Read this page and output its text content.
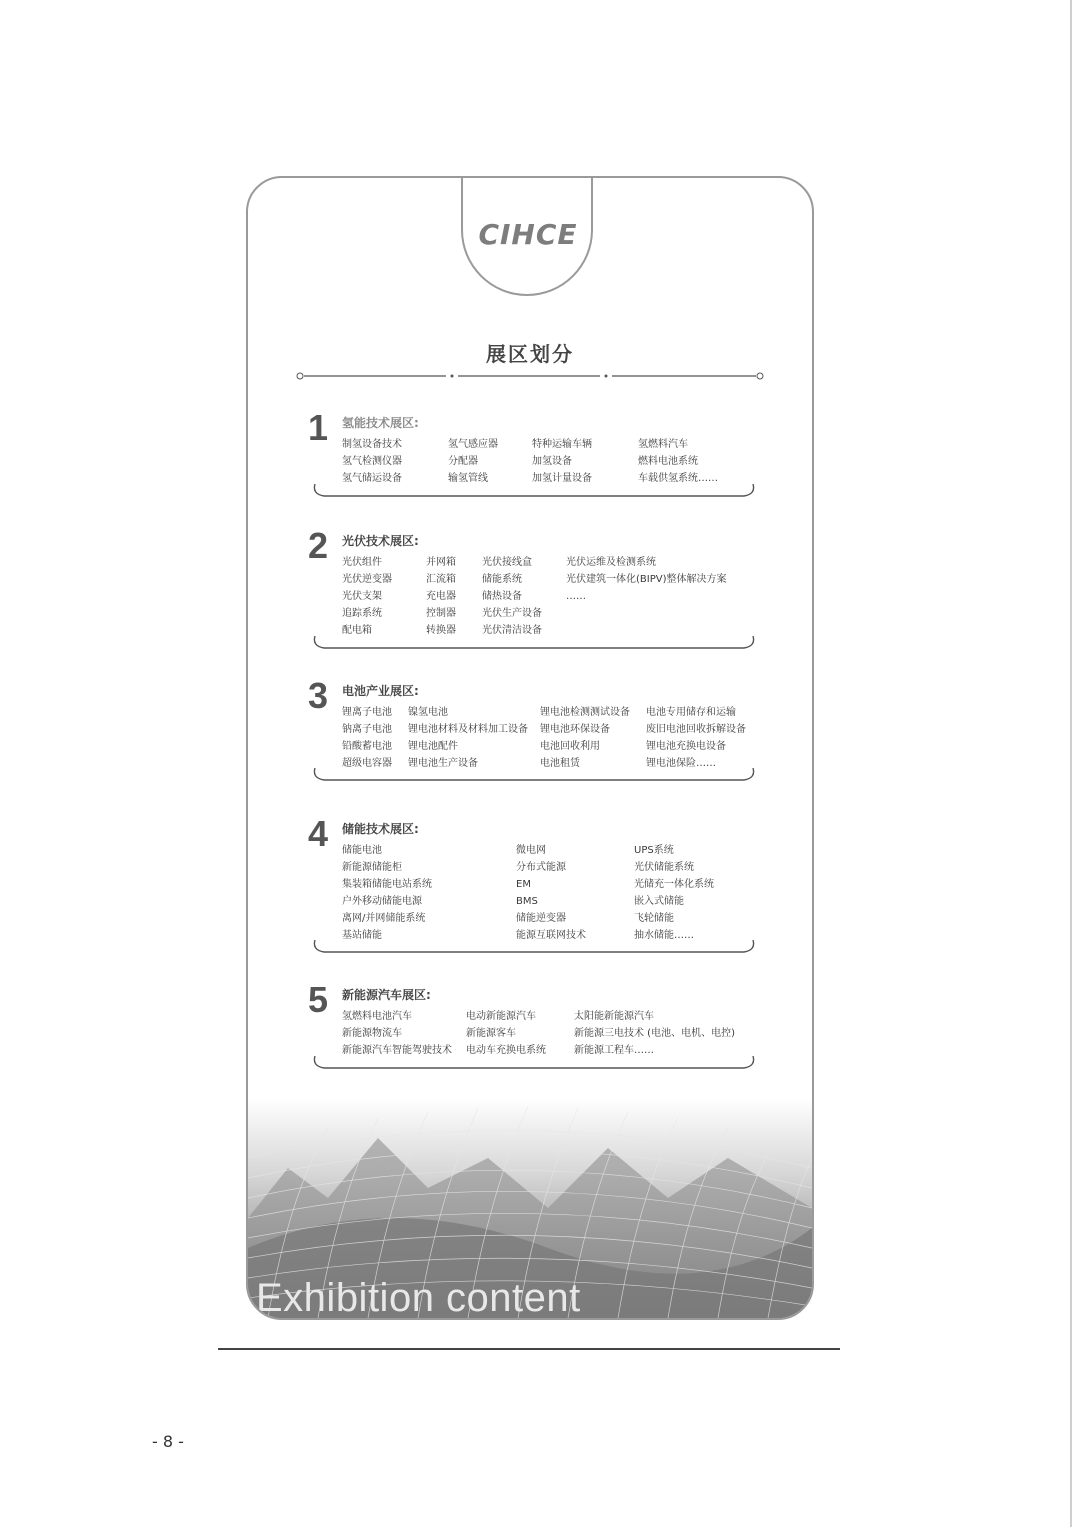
CIHCE
展区划分
1 氢能技术展区:
制氢设备技术
氢气检测仪器
氢气储运设备
氢气感应器
分配器
输氢管线
特种运输车辆
加氢设备
加氢计量设备
氢燃料汽车
燃料电池系统
车载供氢系统……
2 光伏技术展区:
光伏组件
光伏逆变器
光伏支架
追踪系统
配电箱
并网箱
汇流箱
充电器
控制器
转换器
光伏接线盒
储能系统
储热设备
光伏生产设备
光伏清洁设备
光伏运维及检测系统
光伏建筑一体化(BIPV)整体解决方案
……
3 电池产业展区:
锂离子电池
钠离子电池
铅酸蓄电池
超级电容器
镍氢电池
锂电池材料及材料加工设备
锂电池配件
锂电池生产设备
锂电池检测测试设备
锂电池环保设备
电池回收利用
电池租赁
电池专用储存和运输
废旧电池回收拆解设备
锂电池充换电设备
锂电池保险……
4 储能技术展区:
储能电池
新能源储能柜
集装箱储能电站系统
户外移动储能电源
离网/并网储能系统
基站储能
微电网
分布式能源
EM
BMS
储能逆变器
能源互联网技术
UPS系统
光伏储能系统
光储充一体化系统
嵌入式储能
飞轮储能
抽水储能……
5 新能源汽车展区:
氢燃料电池汽车
新能源物流车
新能源汽车智能驾驶技术
电动新能源汽车
新能源客车
电动车充换电系统
太阳能新能源汽车
新能源三电技术 (电池、电机、电控)
新能源工程车……
Exhibition content
- 8 -
